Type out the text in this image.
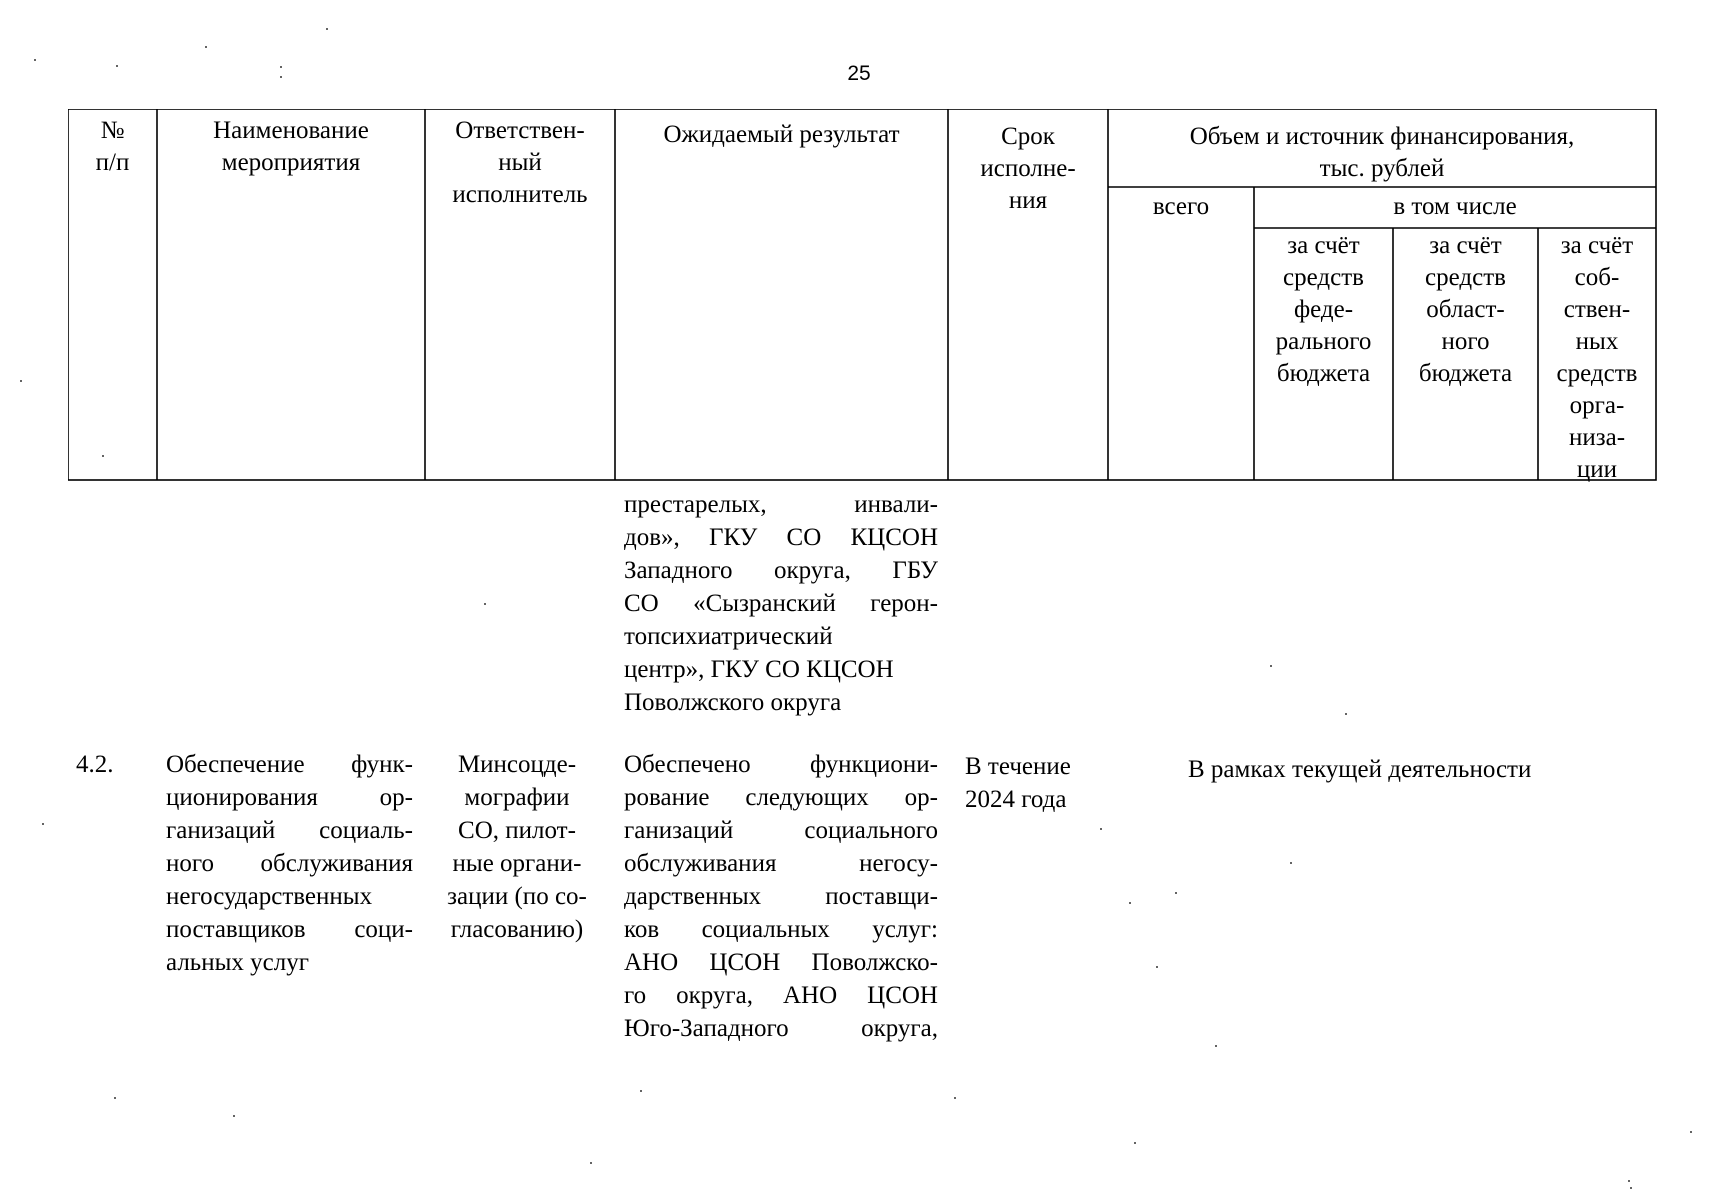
25
№
п/п
Наименование
мероприятия
Ответствен-
ный
исполнитель
Ожидаемый результат	Срок
исполне-
ния
Объем и источник финансирования,
тыс. рублей
всего	в том числе
за счёт
средств
феде-
рального
бюджета
за счёт
средств
област-
ного
бюджета
за счёт
соб-
ствен-
ных
средств
орга-
низа-
ции
престарелых, инвали-
дов», ГКУ СО КЦСОН
Западного округа, ГБУ
СО «Сызранский герон-
топсихиатрический
центр», ГКУ СО КЦСОН
Поволжского округа
4.2. Обеспечение функ-
ционирования ор-
ганизаций социаль-
ного обслуживания
негосударственных
поставщиков соци-
альных услуг
Минсоцде-
мографии
СО, пилот-
ные органи-
зации (по со-
гласованию)
Обеспечено функциони-
рование следующих ор-
ганизаций социального
обслуживания негосу-
дарственных поставщи-
ков социальных услуг:
АНО ЦСОН Поволжско-
го округа, АНО ЦСОН
Юго-Западного округа,
В течение
2024 года
В рамках текущей деятельности
